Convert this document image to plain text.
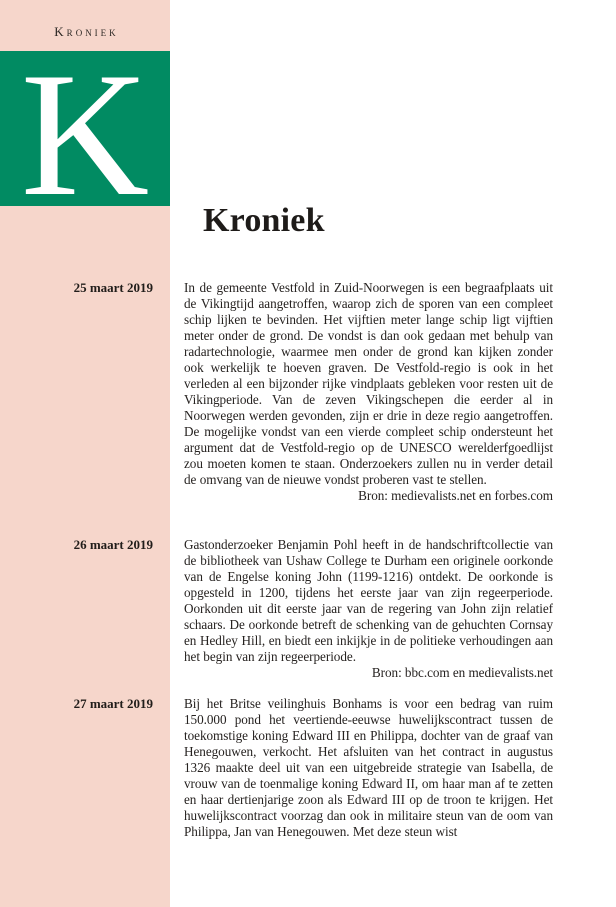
Kroniek
K	Kroniek
25 maart 2019 In de gemeente Vestfold in Zuid-Noorwegen is een begraafplaats uit de Vikingtijd aangetroffen, waarop zich de sporen van een compleet schip lijken te bevinden. Het vijftien meter lange schip ligt vijftien meter onder de grond. De vondst is dan ook gedaan met behulp van radartechnologie, waarmee men onder de grond kan kijken zonder ook werkelijk te hoeven graven. De Vestfold-regio is ook in het verleden al een bijzonder rijke vindplaats gebleken voor resten uit de Vikingperiode. Van de zeven Vikingschepen die eerder al in Noorwegen werden gevonden, zijn er drie in deze regio aangetroffen. De mogelijke vondst van een vierde compleet schip ondersteunt het argument dat de Vestfold-regio op de UNESCO werelderfgoedlijst zou moeten komen te staan. Onderzoekers zullen nu in verder detail de omvang van de nieuwe vondst proberen vast te stellen.
Bron: medievalists.net en forbes.com
26 maart 2019 Gastonderzoeker Benjamin Pohl heeft in de handschriftcollectie van de bibliotheek van Ushaw College te Durham een originele oorkonde van de Engelse koning John (1199-1216) ontdekt. De oorkonde is opgesteld in 1200, tijdens het eerste jaar van zijn regeerperiode. Oorkonden uit dit eerste jaar van de regering van John zijn relatief schaars. De oorkonde betreft de schenking van de gehuchten Cornsay en Hedley Hill, en biedt een inkijkje in de politieke verhoudingen aan het begin van zijn regeerperiode.
Bron: bbc.com en medievalists.net
27 maart 2019 Bij het Britse veilinghuis Bonhams is voor een bedrag van ruim 150.000 pond het veertiende-eeuwse huwelijkscontract tussen de toekomstige koning Edward III en Philippa, dochter van de graaf van Henegouwen, verkocht. Het afsluiten van het contract in augustus 1326 maakte deel uit van een uitgebreide strategie van Isabella, de vrouw van de toenmalige koning Edward II, om haar man af te zetten en haar dertienjarige zoon als Edward III op de troon te krijgen. Het huwelijkscontract voorzag dan ook in militaire steun van de oom van Philippa, Jan van Henegouwen. Met deze steun wist
